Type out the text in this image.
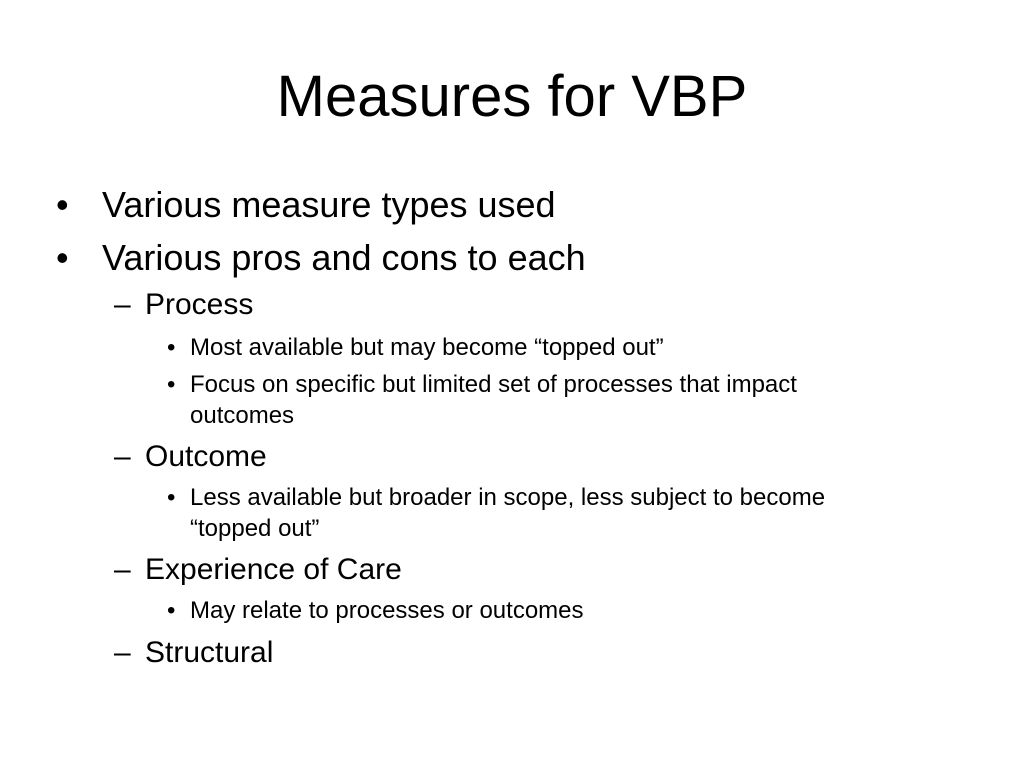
Measures for VBP
• Various measure types used
• Various pros and cons to each
– Process
• Most available but may become “topped out”
• Focus on specific but limited set of processes that impact
outcomes
– Outcome
• Less available but broader in scope, less subject to become
“topped out”
– Experience of Care
• May relate to processes or outcomes
– Structural
